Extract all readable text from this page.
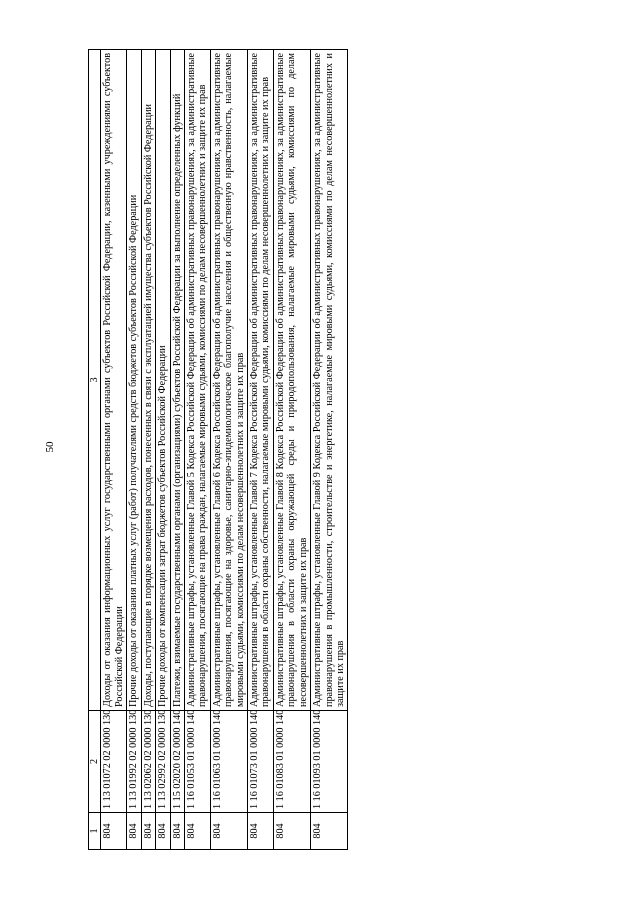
50
1	2	3
804	1 13 01072 02 0000 130	Доходы от оказания информационных услуг государственными органами субъектов Российской Федерации, казенными учреждениями субъектов Российской Федерации
804	1 13 01992 02 0000 130	Прочие доходы от оказания платных услуг (работ) получателями средств бюджетов субъектов Российской Федерации
804	1 13 02062 02 0000 130	Доходы, поступающие в порядке возмещения расходов, понесенных в связи с эксплуатацией имущества субъектов Российской Федерации
804	1 13 02992 02 0000 130	Прочие доходы от компенсации затрат бюджетов субъектов Российской Федерации
804	1 15 02020 02 0000 140	Платежи, взимаемые государственными органами (организациями) субъектов Российской Федерации за выполнение определенных функций
804	1 16 01053 01 0000 140	Административные штрафы, установленные Главой 5 Кодекса Российской Федерации об административных правонарушениях, за административные правонарушения, посягающие на права граждан, налагаемые мировыми судьями, комиссиями по делам несовершеннолетних и защите их прав
804	1 16 01063 01 0000 140	Административные штрафы, установленные Главой 6 Кодекса Российской Федерации об административных правонарушениях, за административные правонарушения, посягающие на здоровье, санитарно-эпидемиологическое благополучие населения и общественную нравственность, налагаемые мировыми судьями, комиссиями по делам несовершеннолетних и защите их прав
804	1 16 01073 01 0000 140	Административные штрафы, установленные Главой 7 Кодекса Российской Федерации об административных правонарушениях, за административные правонарушения в области охраны собственности, налагаемые мировыми судьями, комиссиями по делам несовершеннолетних и защите их прав
804	1 16 01083 01 0000 140	Административные штрафы, установленные Главой 8 Кодекса Российской Федерации об административных правонарушениях, за административные правонарушения в области охраны окружающей среды и природопользования, налагаемые мировыми судьями, комиссиями по делам несовершеннолетних и защите их прав
804	1 16 01093 01 0000 140	Административные штрафы, установленные Главой 9 Кодекса Российской Федерации об административных правонарушениях, за административные правонарушения в промышленности, строительстве и энергетике, налагаемые мировыми судьями, комиссиями по делам несовершеннолетних и защите их прав
